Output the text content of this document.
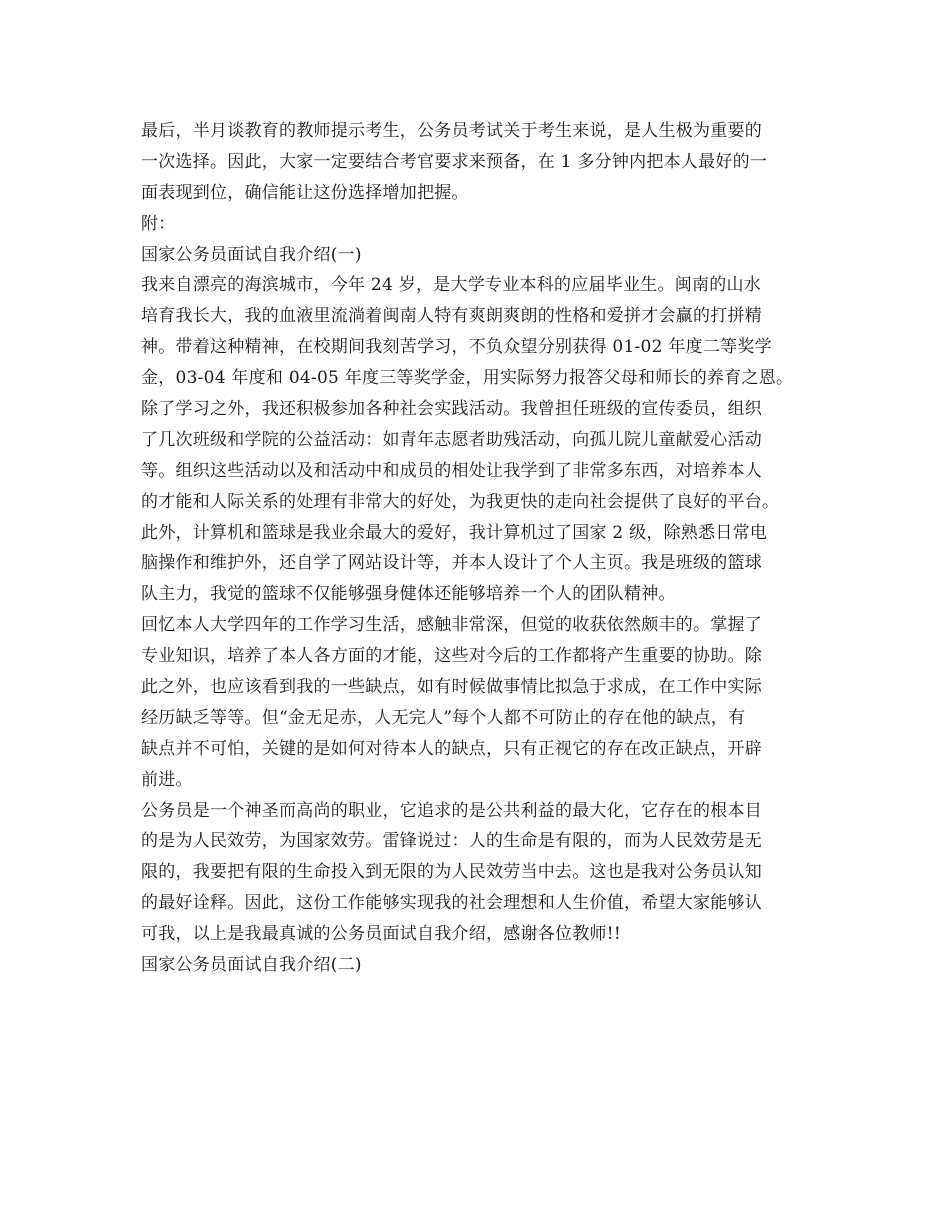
最后，半月谈教育的教师提示考生，公务员考试关于考生来说，是人生极为重要的
一次选择。因此，大家一定要结合考官要求来预备，在 1 多分钟内把本人最好的一
面表现到位，确信能让这份选择增加把握。
附：
国家公务员面试自我介绍(一)
我来自漂亮的海滨城市，今年 24 岁，是大学专业本科的应届毕业生。闽南的山水
培育我长大，我的血液里流淌着闽南人特有爽朗爽朗的性格和爱拼才会赢的打拼精
神。带着这种精神，在校期间我刻苦学习，不负众望分别获得 01-02 年度二等奖学
金，03-04 年度和 04-05 年度三等奖学金，用实际努力报答父母和师长的养育之恩。
除了学习之外，我还积极参加各种社会实践活动。我曾担任班级的宣传委员，组织
了几次班级和学院的公益活动：如青年志愿者助残活动，向孤儿院儿童献爱心活动
等。组织这些活动以及和活动中和成员的相处让我学到了非常多东西，对培养本人
的才能和人际关系的处理有非常大的好处，为我更快的走向社会提供了良好的平台。
此外，计算机和篮球是我业余最大的爱好，我计算机过了国家 2 级，除熟悉日常电
脑操作和维护外，还自学了网站设计等，并本人设计了个人主页。我是班级的篮球
队主力，我觉的篮球不仅能够强身健体还能够培养一个人的团队精神。
回忆本人大学四年的工作学习生活，感触非常深，但觉的收获依然颇丰的。掌握了
专业知识，培养了本人各方面的才能，这些对今后的工作都将产生重要的协助。除
此之外，也应该看到我的一些缺点，如有时候做事情比拟急于求成，在工作中实际
经历缺乏等等。但“金无足赤，人无完人”每个人都不可防止的存在他的缺点，有
缺点并不可怕，关键的是如何对待本人的缺点，只有正视它的存在改正缺点，开辟
前进。
公务员是一个神圣而高尚的职业，它追求的是公共利益的最大化，它存在的根本目
的是为人民效劳，为国家效劳。雷锋说过：人的生命是有限的，而为人民效劳是无
限的，我要把有限的生命投入到无限的为人民效劳当中去。这也是我对公务员认知
的最好诠释。因此，这份工作能够实现我的社会理想和人生价值，希望大家能够认
可我，以上是我最真诚的公务员面试自我介绍，感谢各位教师!!
国家公务员面试自我介绍(二)
